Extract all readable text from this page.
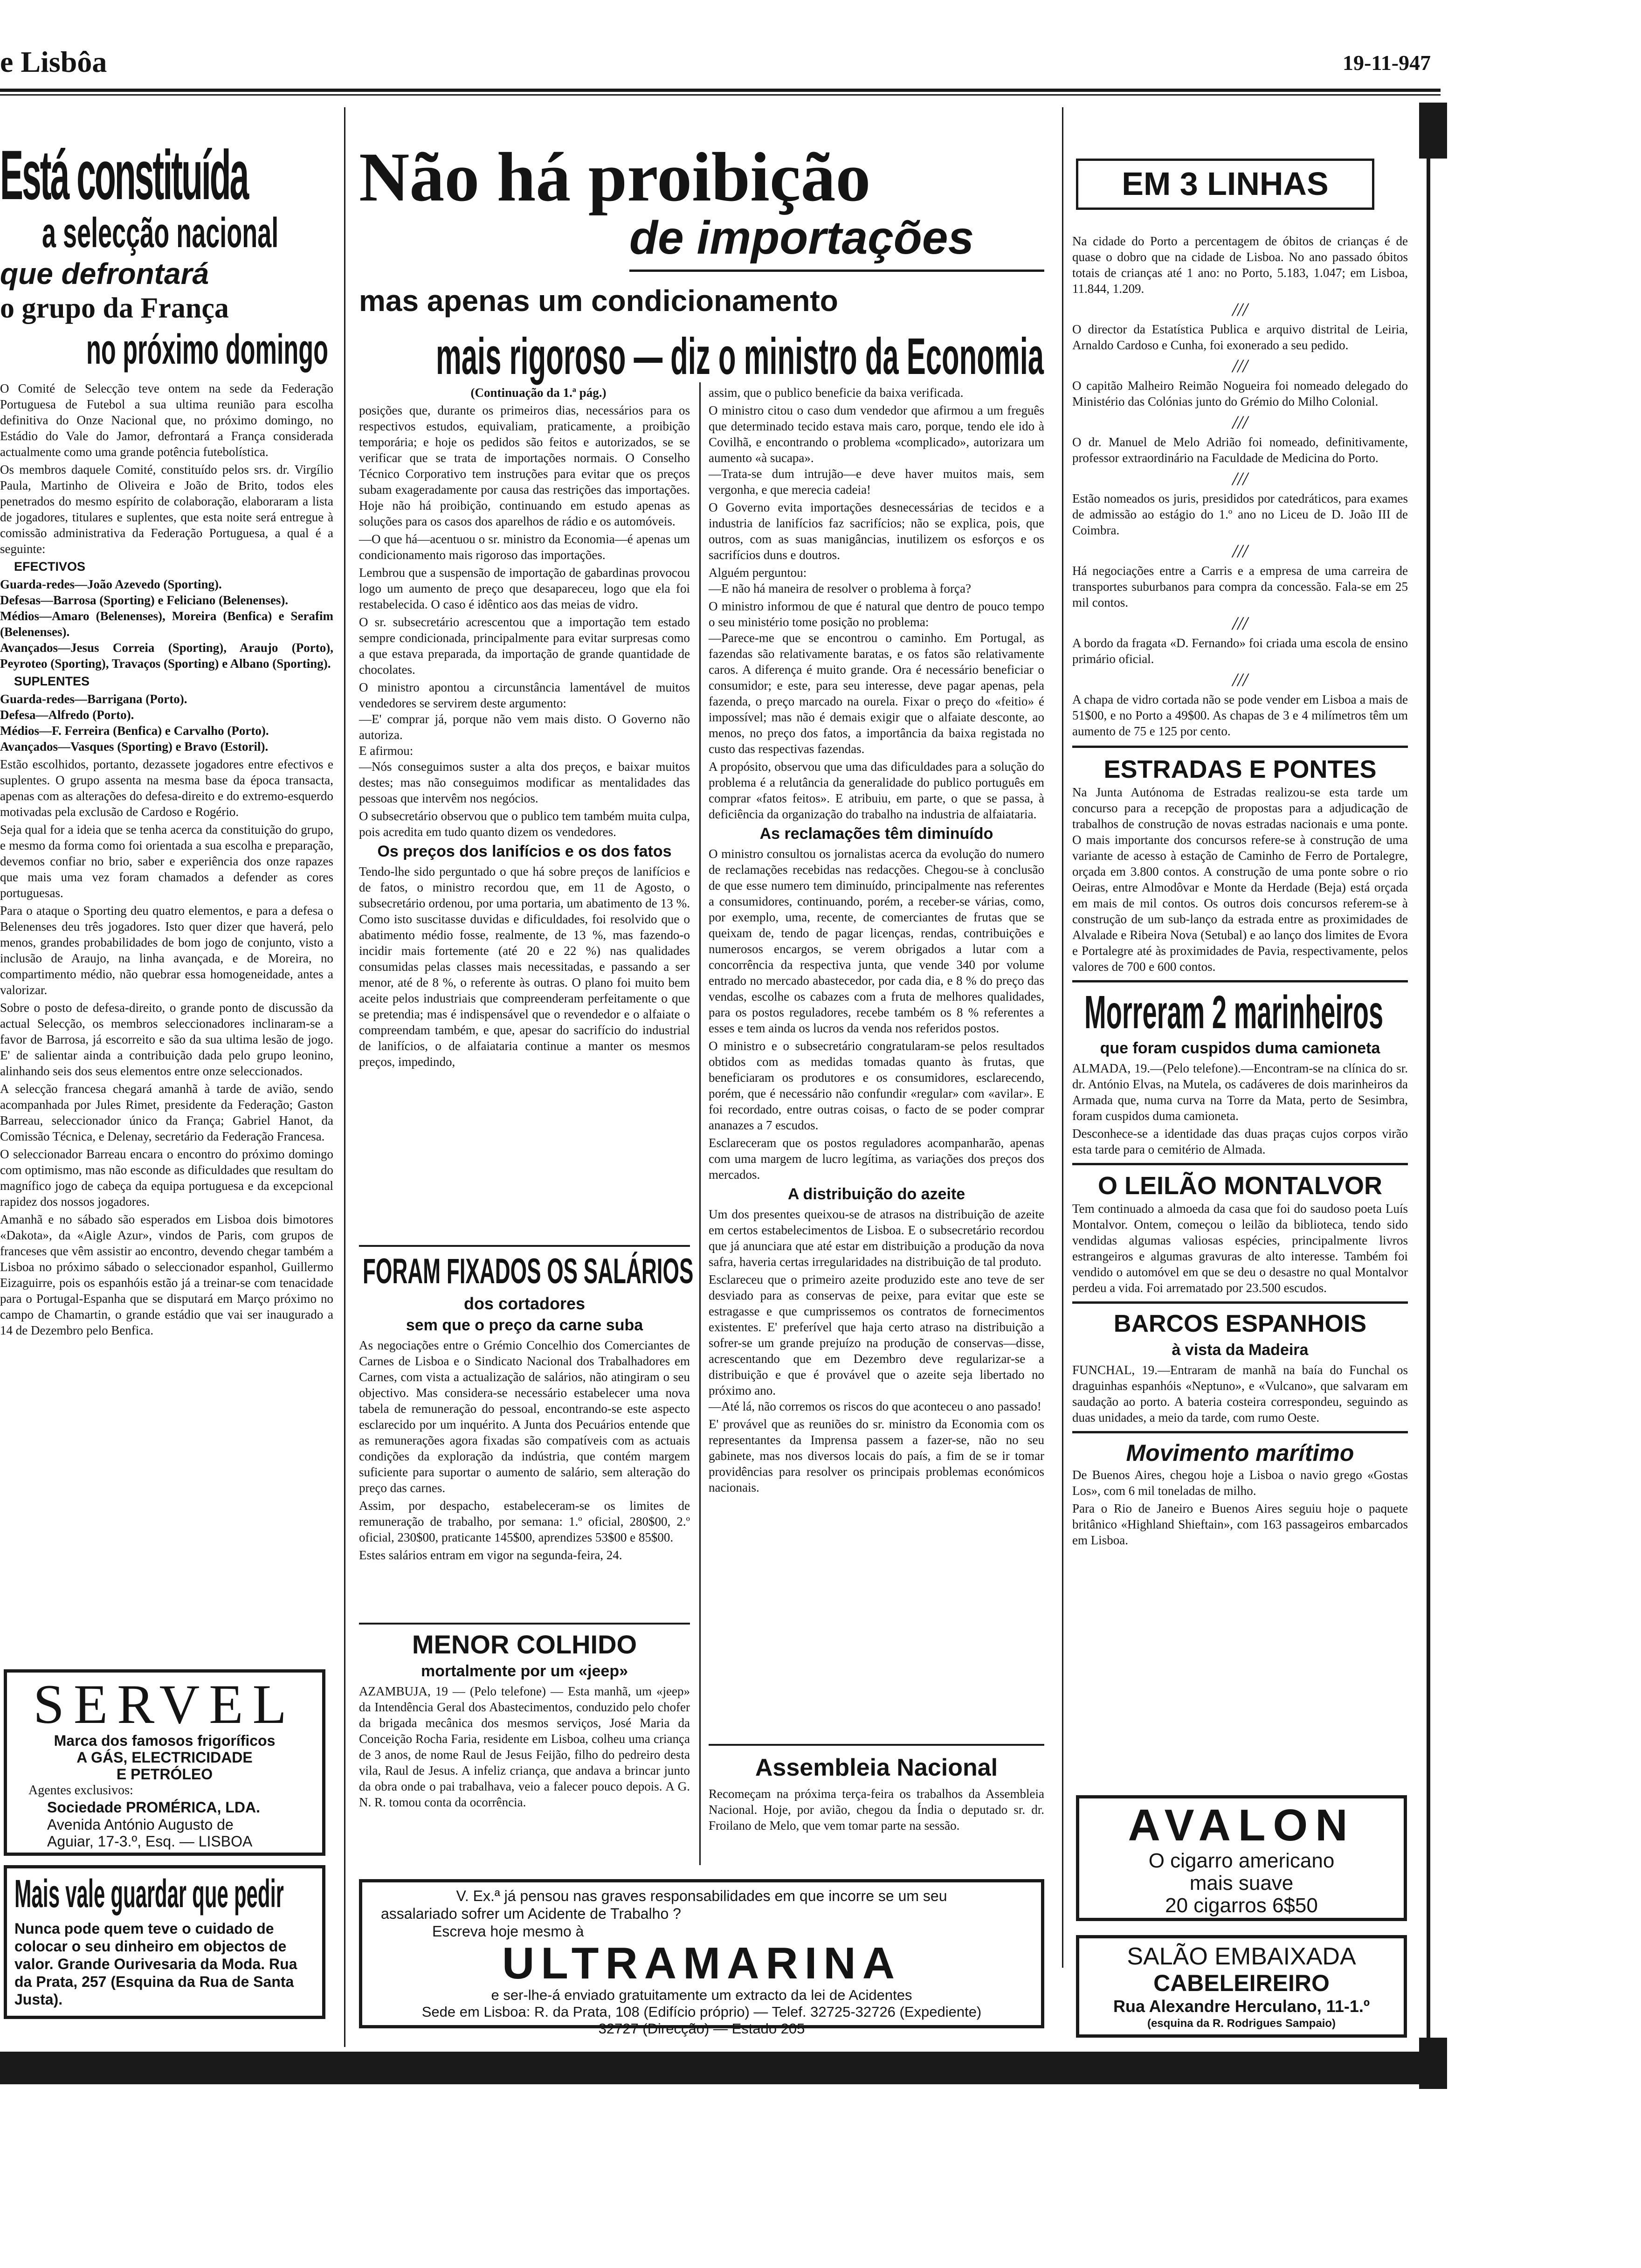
e Lisbôa	19-11-947
Está constituída
a selecção nacional
que defrontará
o grupo da França
no próximo domingo

O Comité de Selecção teve ontem na sede da Federação Portuguesa de Futebol a sua ultima reunião para escolha definitiva do Onze Nacional que, no próximo domingo, no Estádio do Vale do Jamor, defrontará a França considerada actualmente como uma grande potência futebolística.

Os membros daquele Comité, constituído pelos srs. dr. Virgílio Paula, Martinho de Oliveira e João de Brito, todos eles penetrados do mesmo espírito de colaboração, elaboraram a lista de jogadores, titulares e suplentes, que esta noite será entregue à comissão administrativa da Federação Portuguesa, a qual é a seguinte:

EFECTIVOS

Guarda-redes—João Azevedo (Sporting).
Defesas—Barrosa (Sporting) e Feliciano (Belenenses).
Médios—Amaro (Belenenses), Moreira (Benfica) e Serafim (Belenenses).
Avançados—Jesus Correia (Sporting), Araujo (Porto), Peyroteo (Sporting), Travaços (Sporting) e Albano (Sporting).

SUPLENTES

Guarda-redes—Barrigana (Porto).
Defesa—Alfredo (Porto).
Médios—F. Ferreira (Benfica) e Carvalho (Porto).
Avançados—Vasques (Sporting) e Bravo (Estoril).

Estão escolhidos, portanto, dezassete jogadores entre efectivos e suplentes. O grupo assenta na mesma base da época transacta, apenas com as alterações do defesa-direito e do extremo-esquerdo motivadas pela exclusão de Cardoso e Rogério.

Seja qual for a ideia que se tenha acerca da constituição do grupo, e mesmo da forma como foi orientada a sua escolha e preparação, devemos confiar no brio, saber e experiência dos onze rapazes que mais uma vez foram chamados a defender as cores portuguesas.

Para o ataque o Sporting deu quatro elementos, e para a defesa o Belenenses deu três jogadores. Isto quer dizer que haverá, pelo menos, grandes probabilidades de bom jogo de conjunto, visto a inclusão de Araujo, na linha avançada, e de Moreira, no compartimento médio, não quebrar essa homogeneidade, antes a valorizar.

Sobre o posto de defesa-direito, o grande ponto de discussão da actual Selecção, os membros seleccionadores inclinaram-se a favor de Barrosa, já escorreito e são da sua ultima lesão de jogo. E' de salientar ainda a contribuição dada pelo grupo leonino, alinhando seis dos seus elementos entre onze seleccionados.

A selecção francesa chegará amanhã à tarde de avião, sendo acompanhada por Jules Rimet, presidente da Federação; Gaston Barreau, seleccionador único da França; Gabriel Hanot, da Comissão Técnica, e Delenay, secretário da Federação Francesa.

O seleccionador Barreau encara o encontro do próximo domingo com optimismo, mas não esconde as dificuldades que resultam do magnífico jogo de cabeça da equipa portuguesa e da excepcional rapidez dos nossos jogadores.

Amanhã e no sábado são esperados em Lisboa dois bimotores «Dakota», da «Aigle Azur», vindos de Paris, com grupos de franceses que vêm assistir ao encontro, devendo chegar também a Lisboa no próximo sábado o seleccionador espanhol, Guillermo Eizaguirre, pois os espanhóis estão já a treinar-se com tenacidade para o Portugal-Espanha que se disputará em Março próximo no campo de Chamartin, o grande estádio que vai ser inaugurado a 14 de Dezembro pelo Benfica.

SERVEL
Marca dos famosos frigoríficos
A GÁS, ELECTRICIDADE
E PETRÓLEO
Agentes exclusivos:
Sociedade PROMÉRICA, LDA.
Avenida António Augusto de
Aguiar, 17-3.º, Esq. — LISBOA
Mais vale guardar que pedir
Nunca pode quem teve o cuidado de colocar o seu dinheiro em objectos de valor. Grande Ourivesaria da Moda. Rua da Prata, 257 (Esquina da Rua de Santa Justa).
Não há proibição
de importações
mas apenas um condicionamento
mais rigoroso — diz o ministro da Economia

(Continuação da 1.ª pág.)

posições que, durante os primeiros dias, necessários para os respectivos estudos, equivaliam, praticamente, a proibição temporária; e hoje os pedidos são feitos e autorizados, se se verificar que se trata de importações normais. O Conselho Técnico Corporativo tem instruções para evitar que os preços subam exageradamente por causa das restrições das importações. Hoje não há proibição, continuando em estudo apenas as soluções para os casos dos aparelhos de rádio e os automóveis.

—O que há—acentuou o sr. ministro da Economia—é apenas um condicionamento mais rigoroso das importações.

Lembrou que a suspensão de importação de gabardinas provocou logo um aumento de preço que desapareceu, logo que ela foi restabelecida. O caso é idêntico aos das meias de vidro.

O sr. subsecretário acrescentou que a importação tem estado sempre condicionada, principalmente para evitar surpresas como a que estava preparada, da importação de grande quantidade de chocolates.

O ministro apontou a circunstância lamentável de muitos vendedores se servirem deste argumento:
—E' comprar já, porque não vem mais disto. O Governo não autoriza.
E afirmou:
—Nós conseguimos suster a alta dos preços, e baixar muitos destes; mas não conseguimos modificar as mentalidades das pessoas que intervêm nos negócios.

O subsecretário observou que o publico tem também muita culpa, pois acredita em tudo quanto dizem os vendedores.

Os preços dos lanifícios e os dos fatos

Tendo-lhe sido perguntado o que há sobre preços de lanifícios e de fatos, o ministro recordou que, em 11 de Agosto, o subsecretário ordenou, por uma portaria, um abatimento de 13 %. Como isto suscitasse duvidas e dificuldades, foi resolvido que o abatimento médio fosse, realmente, de 13 %, mas fazendo-o incidir mais fortemente (até 20 e 22 %) nas qualidades consumidas pelas classes mais necessitadas, e passando a ser menor, até de 8 %, o referente às outras. O plano foi muito bem aceite pelos industriais que compreenderam perfeitamente o que se pretendia; mas é indispensável que o revendedor e o alfaiate o compreendam também, e que, apesar do sacrifício do industrial de lanifícios, o de alfaiataria continue a manter os mesmos preços, impedindo,

assim, que o publico beneficie da baixa verificada.

O ministro citou o caso dum vendedor que afirmou a um freguês que determinado tecido estava mais caro, porque, tendo ele ido à Covilhã, e encontrando o problema «complicado», autorizara um aumento «à sucapa».
—Trata-se dum intrujão—e deve haver muitos mais, sem vergonha, e que merecia cadeia!

O Governo evita importações desnecessárias de tecidos e a industria de lanifícios faz sacrifícios; não se explica, pois, que outros, com as suas manigâncias, inutilizem os esforços e os sacrifícios duns e doutros.

Alguém perguntou:
—E não há maneira de resolver o problema à força?

O ministro informou de que é natural que dentro de pouco tempo o seu ministério tome posição no problema:
—Parece-me que se encontrou o caminho. Em Portugal, as fazendas são relativamente baratas, e os fatos são relativamente caros. A diferença é muito grande. Ora é necessário beneficiar o consumidor; e este, para seu interesse, deve pagar apenas, pela fazenda, o preço marcado na ourela. Fixar o preço do «feitio» é impossível; mas não é demais exigir que o alfaiate desconte, ao menos, no preço dos fatos, a importância da baixa registada no custo das respectivas fazendas.

A propósito, observou que uma das dificuldades para a solução do problema é a relutância da generalidade do publico português em comprar «fatos feitos». E atribuiu, em parte, o que se passa, à deficiência da organização do trabalho na industria de alfaiataria.

As reclamações têm diminuído

O ministro consultou os jornalistas acerca da evolução do numero de reclamações recebidas nas redacções. Chegou-se à conclusão de que esse numero tem diminuído, principalmente nas referentes a consumidores, continuando, porém, a receber-se várias, como, por exemplo, uma, recente, de comerciantes de frutas que se queixam de, tendo de pagar licenças, rendas, contribuições e numerosos encargos, se verem obrigados a lutar com a concorrência da respectiva junta, que vende 340 por volume entrado no mercado abastecedor, por cada dia, e 8 % do preço das vendas, escolhe os cabazes com a fruta de melhores qualidades, para os postos reguladores, recebe também os 8 % referentes a esses e tem ainda os lucros da venda nos referidos postos.

O ministro e o subsecretário congratularam-se pelos resultados obtidos com as medidas tomadas quanto às frutas, que beneficiaram os produtores e os consumidores, esclarecendo, porém, que é necessário não confundir «regular» com «avilar». E foi recordado, entre outras coisas, o facto de se poder comprar ananazes a 7 escudos.

Esclareceram que os postos reguladores acompanharão, apenas com uma margem de lucro legítima, as variações dos preços dos mercados.

A distribuição do azeite

Um dos presentes queixou-se de atrasos na distribuição de azeite em certos estabelecimentos de Lisboa. E o subsecretário recordou que já anunciara que até estar em distribuição a produção da nova safra, haveria certas irregularidades na distribuição de tal produto.

Esclareceu que o primeiro azeite produzido este ano teve de ser desviado para as conservas de peixe, para evitar que este se estragasse e que cumprissemos os contratos de fornecimentos existentes. E' preferível que haja certo atraso na distribuição a sofrer-se um grande prejuízo na produção de conservas—disse, acrescentando que em Dezembro deve regularizar-se a distribuição e que é provável que o azeite seja libertado no próximo ano.
—Até lá, não corremos os riscos do que aconteceu o ano passado!

E' provável que as reuniões do sr. ministro da Economia com os representantes da Imprensa passem a fazer-se, não no seu gabinete, mas nos diversos locais do país, a fim de se ir tomar providências para resolver os principais problemas económicos nacionais.

FORAM FIXADOS OS SALÁRIOS
dos cortadores
sem que o preço da carne suba

As negociações entre o Grémio Concelhio dos Comerciantes de Carnes de Lisboa e o Sindicato Nacional dos Trabalhadores em Carnes, com vista a actualização de salários, não atingiram o seu objectivo. Mas considera-se necessário estabelecer uma nova tabela de remuneração do pessoal, encontrando-se este aspecto esclarecido por um inquérito. A Junta dos Pecuários entende que as remunerações agora fixadas são compatíveis com as actuais condições da exploração da indústria, que contém margem suficiente para suportar o aumento de salário, sem alteração do preço das carnes.

Assim, por despacho, estabeleceram-se os limites de remuneração de trabalho, por semana: 1.º oficial, 280$00, 2.º oficial, 230$00, praticante 145$00, aprendizes 53$00 e 85$00.

Estes salários entram em vigor na segunda-feira, 24.

MENOR COLHIDO
mortalmente por um «jeep»

AZAMBUJA, 19 — (Pelo telefone) — Esta manhã, um «jeep» da Intendência Geral dos Abastecimentos, conduzido pelo chofer da brigada mecânica dos mesmos serviços, José Maria da Conceição Rocha Faria, residente em Lisboa, colheu uma criança de 3 anos, de nome Raul de Jesus Feijão, filho do pedreiro desta vila, Raul de Jesus. A infeliz criança, que andava a brincar junto da obra onde o pai trabalhava, veio a falecer pouco depois. A G. N. R. tomou conta da ocorrência.

Assembleia Nacional

Recomeçam na próxima terça-feira os trabalhos da Assembleia Nacional. Hoje, por avião, chegou da Índia o deputado sr. dr. Froilano de Melo, que vem tomar parte na sessão.

V. Ex.ª já pensou nas graves responsabilidades em que incorre se um seu
assalariado sofrer um Acidente de Trabalho ?
Escreva hoje mesmo à
ULTRAMARINA
e ser-lhe-á enviado gratuitamente um extracto da lei de Acidentes
Sede em Lisboa: R. da Prata, 108 (Edifício próprio) — Telef. 32725-32726 (Expediente)
32727 (Direcção) — Estado 205
EM 3 LINHAS

Na cidade do Porto a percentagem de óbitos de crianças é de quase o dobro que na cidade de Lisboa. No ano passado óbitos totais de crianças até 1 ano: no Porto, 5.183, 1.047; em Lisboa, 11.844, 1.209.

///

O director da Estatística Publica e arquivo distrital de Leiria, Arnaldo Cardoso e Cunha, foi exonerado a seu pedido.

///

O capitão Malheiro Reimão Nogueira foi nomeado delegado do Ministério das Colónias junto do Grémio do Milho Colonial.

///

O dr. Manuel de Melo Adrião foi nomeado, definitivamente, professor extraordinário na Faculdade de Medicina do Porto.

///

Estão nomeados os juris, presididos por catedráticos, para exames de admissão ao estágio do 1.º ano no Liceu de D. João III de Coimbra.

///

Há negociações entre a Carris e a empresa de uma carreira de transportes suburbanos para compra da concessão. Fala-se em 25 mil contos.

///

A bordo da fragata «D. Fernando» foi criada uma escola de ensino primário oficial.

///

A chapa de vidro cortada não se pode vender em Lisboa a mais de 51$00, e no Porto a 49$00. As chapas de 3 e 4 milímetros têm um aumento de 75 e 125 por cento.

ESTRADAS E PONTES

Na Junta Autónoma de Estradas realizou-se esta tarde um concurso para a recepção de propostas para a adjudicação de trabalhos de construção de novas estradas nacionais e uma ponte. O mais importante dos concursos refere-se à construção de uma variante de acesso à estação de Caminho de Ferro de Portalegre, orçada em 3.800 contos. A construção de uma ponte sobre o rio Oeiras, entre Almodôvar e Monte da Herdade (Beja) está orçada em mais de mil contos. Os outros dois concursos referem-se à construção de um sub-lanço da estrada entre as proximidades de Alvalade e Ribeira Nova (Setubal) e ao lanço dos limites de Evora e Portalegre até às proximidades de Pavia, respectivamente, pelos valores de 700 e 600 contos.

Morreram 2 marinheiros
que foram cuspidos duma camioneta

ALMADA, 19.—(Pelo telefone).—Encontram-se na clínica do sr. dr. António Elvas, na Mutela, os cadáveres de dois marinheiros da Armada que, numa curva na Torre da Mata, perto de Sesimbra, foram cuspidos duma camioneta.

Desconhece-se a identidade das duas praças cujos corpos virão esta tarde para o cemitério de Almada.

O LEILÃO MONTALVOR

Tem continuado a almoeda da casa que foi do saudoso poeta Luís Montalvor. Ontem, começou o leilão da biblioteca, tendo sido vendidas algumas valiosas espécies, principalmente livros estrangeiros e algumas gravuras de alto interesse. Também foi vendido o automóvel em que se deu o desastre no qual Montalvor perdeu a vida. Foi arrematado por 23.500 escudos.

BARCOS ESPANHOIS
à vista da Madeira

FUNCHAL, 19.—Entraram de manhã na baía do Funchal os draguinhas espanhóis «Neptuno», e «Vulcano», que salvaram em saudação ao porto. A bateria costeira correspondeu, seguindo as duas unidades, a meio da tarde, com rumo Oeste.

Movimento marítimo

De Buenos Aires, chegou hoje a Lisboa o navio grego «Gostas Los», com 6 mil toneladas de milho.

Para o Rio de Janeiro e Buenos Aires seguiu hoje o paquete britânico «Highland Shieftain», com 163 passageiros embarcados em Lisboa.

AVALON
O cigarro americano
mais suave
20 cigarros 6$50
SALÃO EMBAIXADA
CABELEIREIRO
Rua Alexandre Herculano, 11-1.º
(esquina da R. Rodrigues Sampaio)
